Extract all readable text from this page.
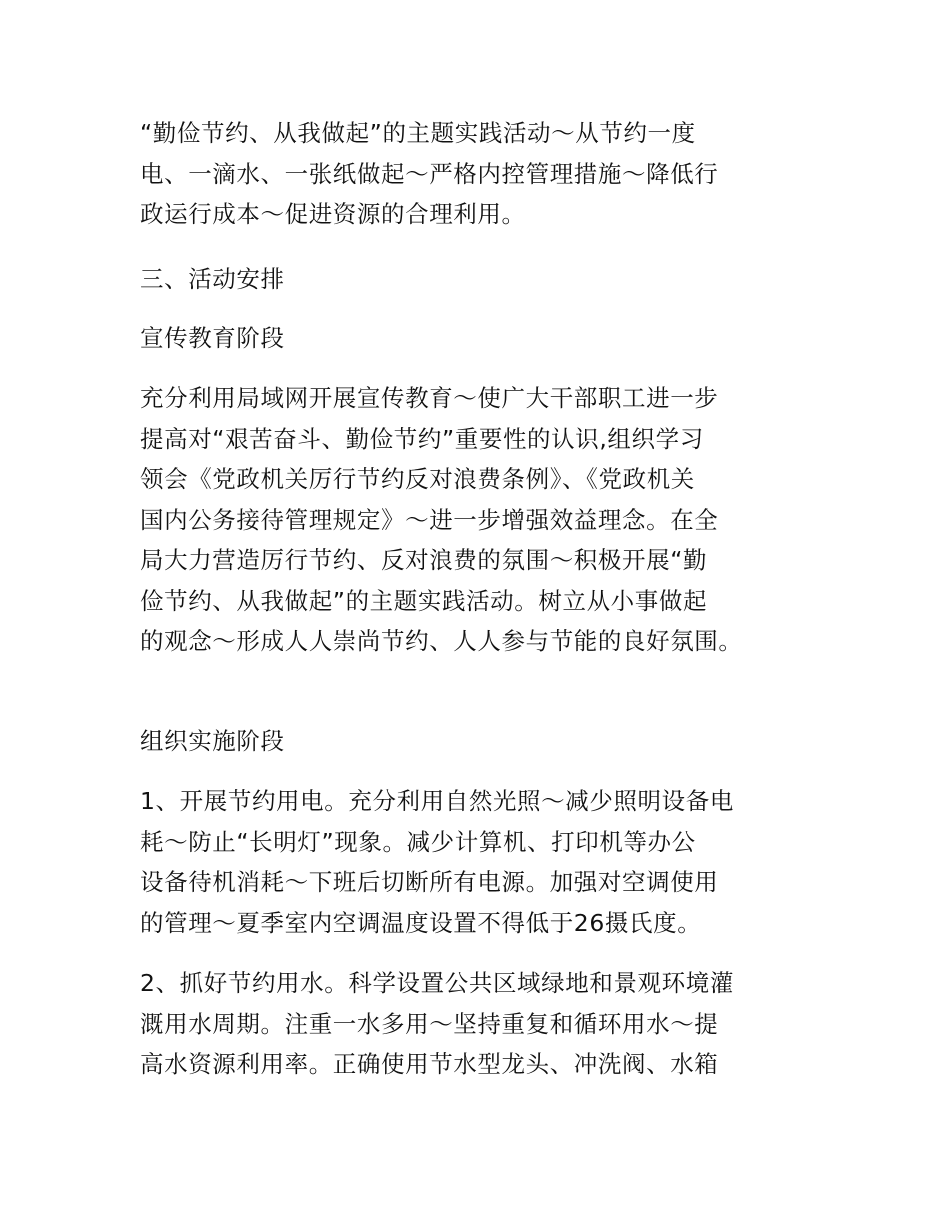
“勤俭节约、从我做起”的主题实践活动～从节约一度
电、一滴水、一张纸做起～严格内控管理措施～降低行
政运行成本～促进资源的合理利用。
三、活动安排
宣传教育阶段
充分利用局域网开展宣传教育～使广大干部职工进一步
提高对“艰苦奋斗、勤俭节约”重要性的认识,组织学习
领会《党政机关厉行节约反对浪费条例》、《党政机关
国内公务接待管理规定》～进一步增强效益理念。在全
局大力营造厉行节约、反对浪费的氛围～积极开展“勤
俭节约、从我做起”的主题实践活动。树立从小事做起
的观念～形成人人崇尚节约、人人参与节能的良好氛围。
组织实施阶段
1、开展节约用电。充分利用自然光照～减少照明设备电
耗～防止“长明灯”现象。减少计算机、打印机等办公
设备待机消耗～下班后切断所有电源。加强对空调使用
的管理～夏季室内空调温度设置不得低于26摄氏度。
2、抓好节约用水。科学设置公共区域绿地和景观环境灌
溉用水周期。注重一水多用～坚持重复和循环用水～提
高水资源利用率。正确使用节水型龙头、冲洗阀、水箱
